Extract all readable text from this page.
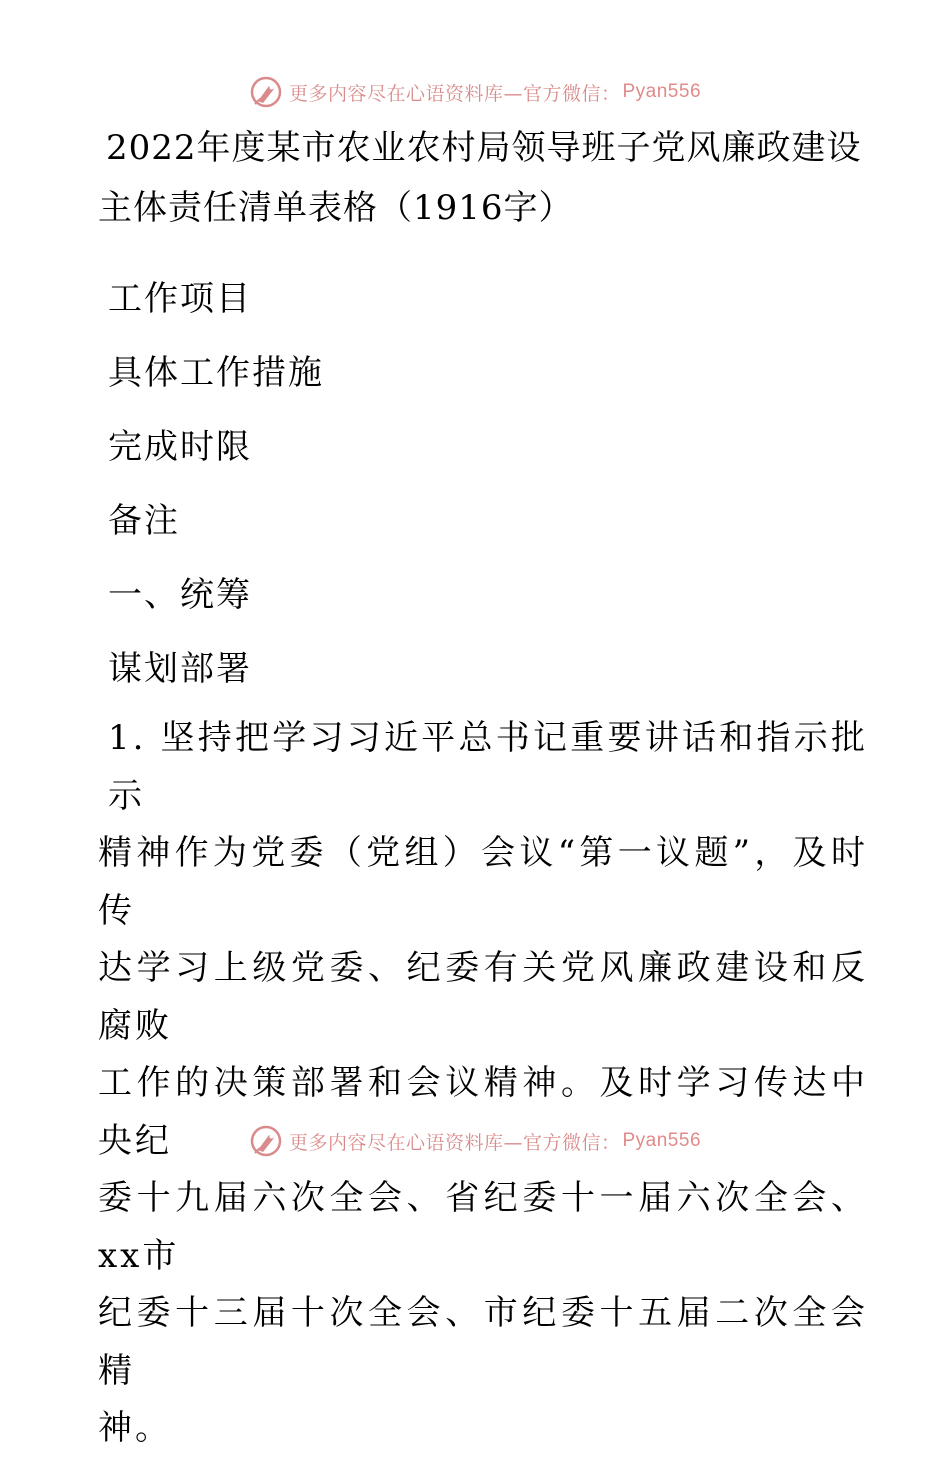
更多内容尽在心语资料库—官方微信： Pyan556
2022年度某市农业农村局领导班子党风廉政建设
主体责任清单表格（1916字）
工作项目
具体工作措施
完成时限
备注
一、统筹
谋划部署
1. 坚持把学习习近平总书记重要讲话和指示批示
精神作为党委（党组）会议“第一议题”，及时传
达学习上级党委、纪委有关党风廉政建设和反腐败
工作的决策部署和会议精神。及时学习传达中央纪
委十九届六次全会、省纪委十一届六次全会、xx市
纪委十三届十次全会、市纪委十五届二次全会精
神。
更多内容尽在心语资料库—官方微信： Pyan556
